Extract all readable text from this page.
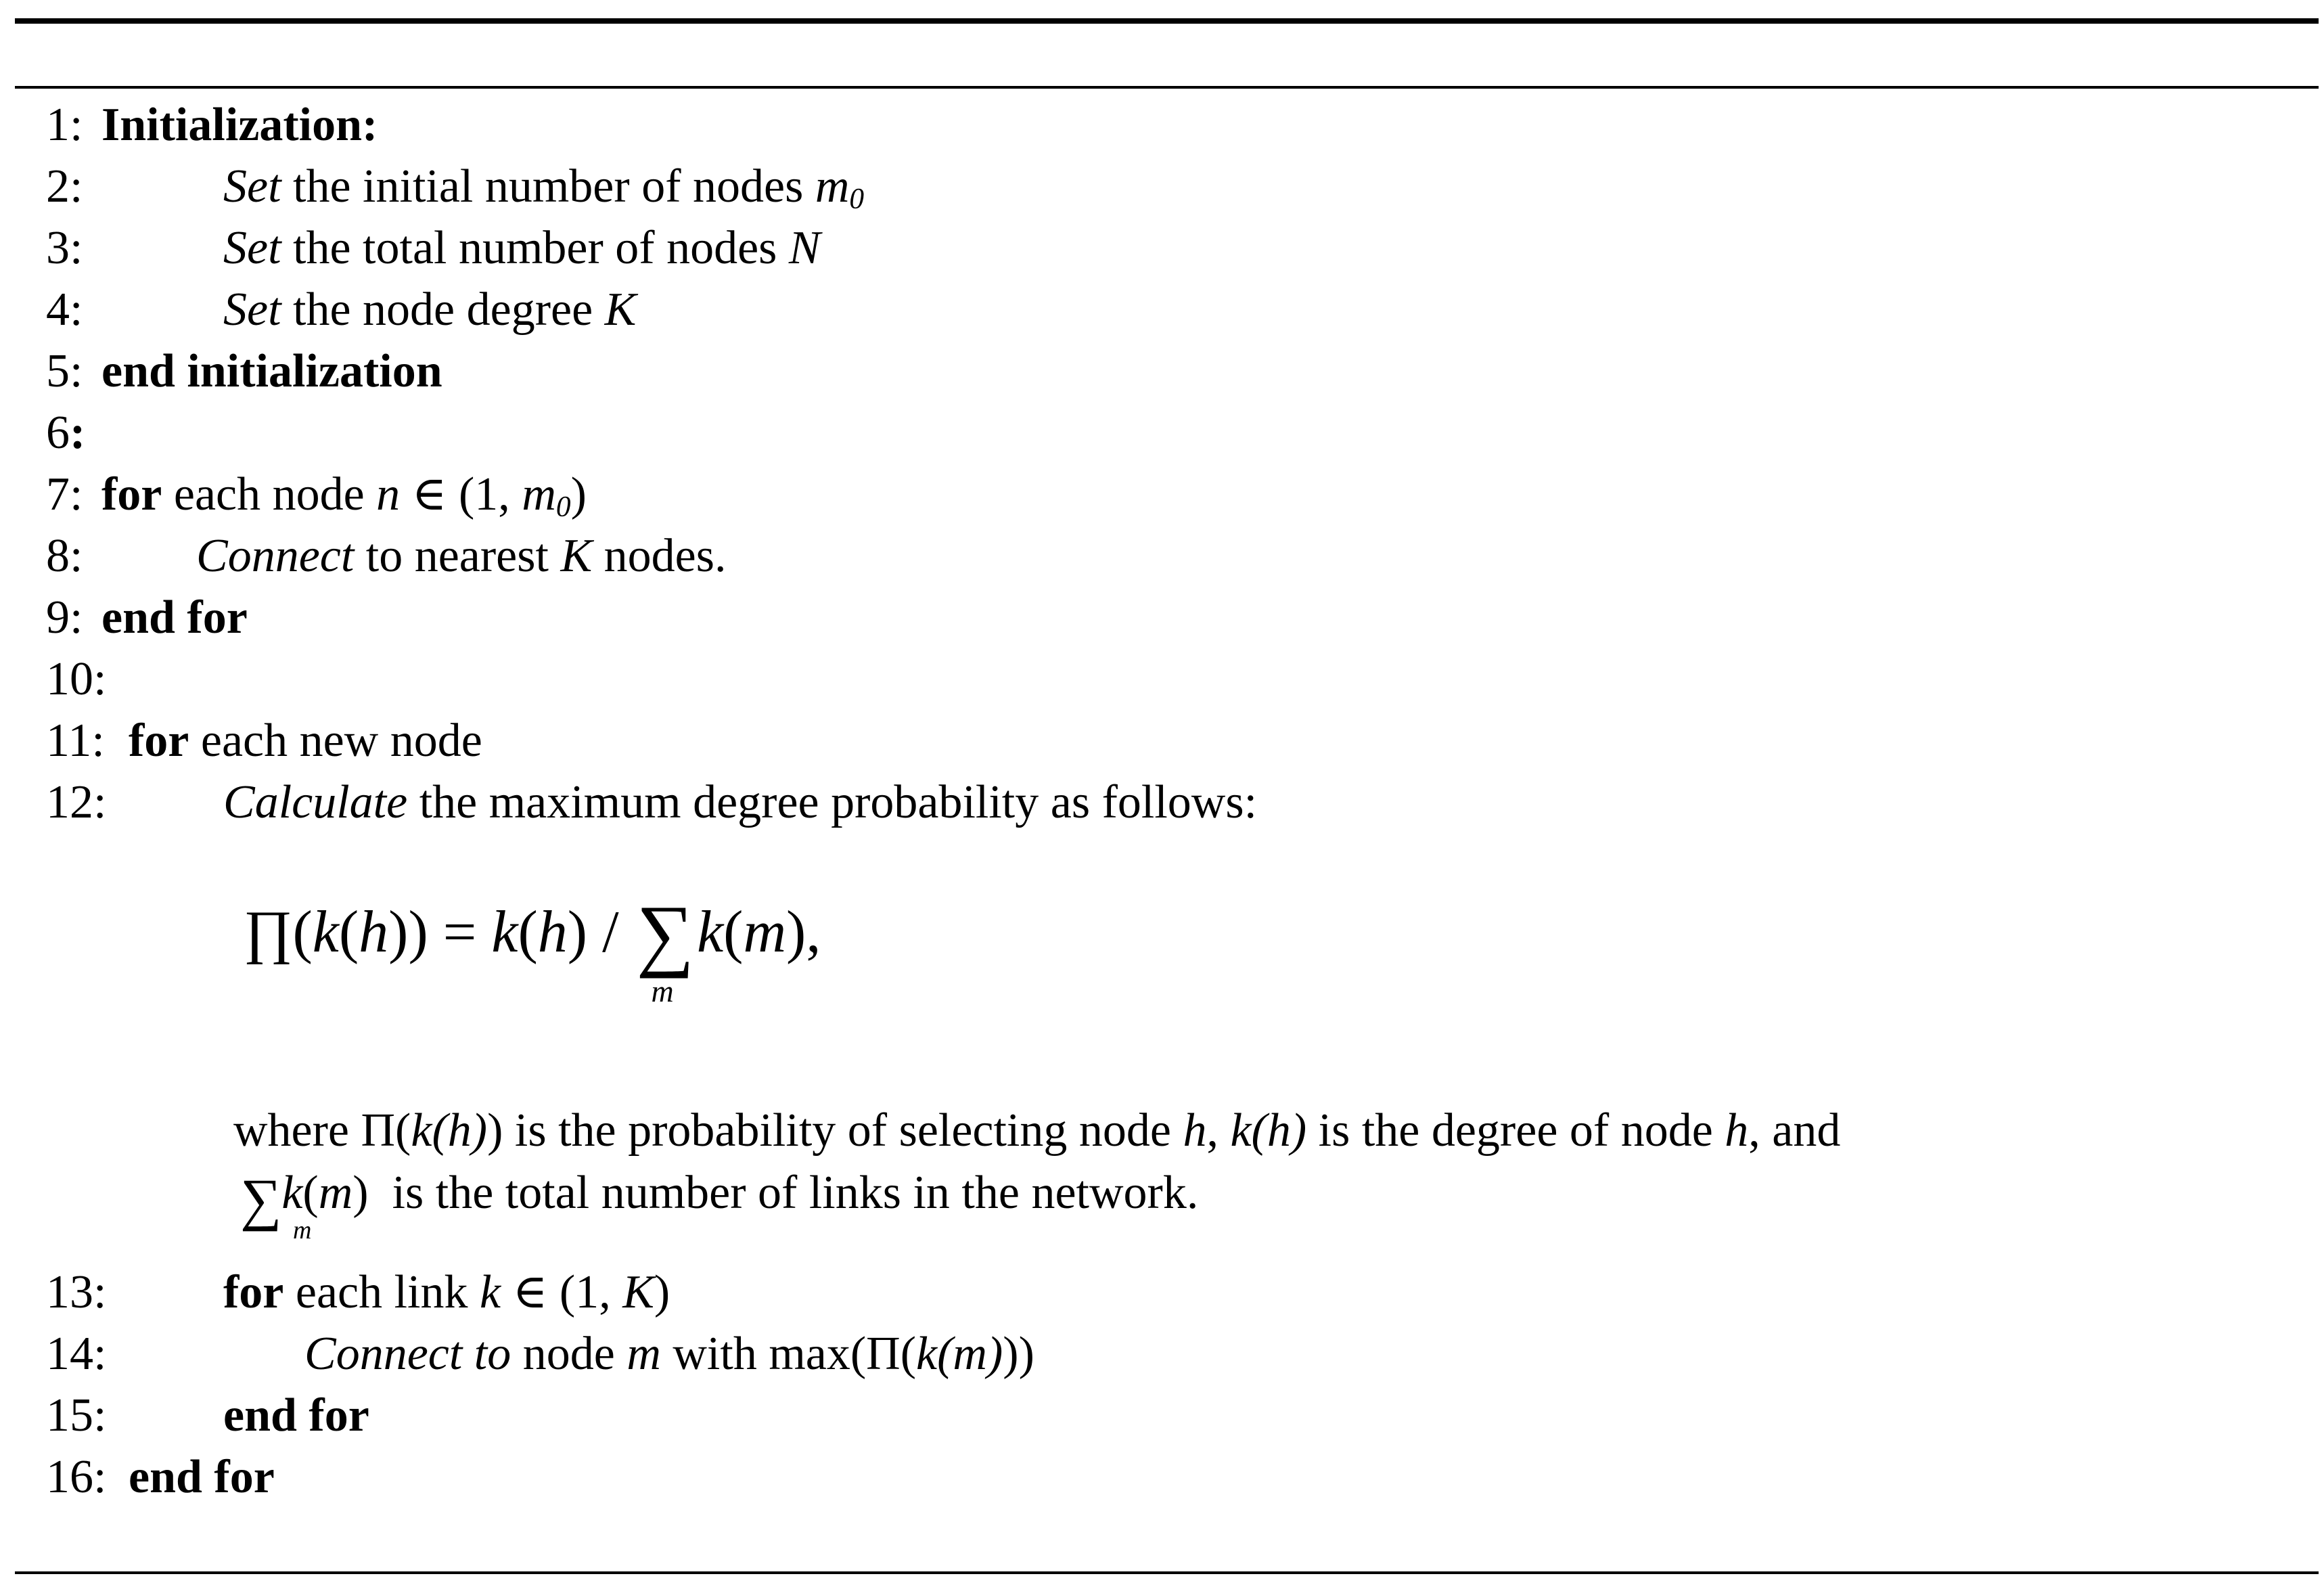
1: Initialization:
2:	Set the initial number of nodes $m_0$
3:	Set the total number of nodes N
4:	Set the node degree K
5: end initialization
6:
7: for each node n ∈ (1, $m_0$)
8: Connect to nearest K nodes.
9: end for
10:
11: for each new node
12: Calculate the maximum degree probability as follows:
∏(k(h)) = k(h) / ∑
m
k(m),
where Π(k(h)) is the probability of selecting node h, k(h) is the degree of node h, and
∑ m
k(m)  is the total number of links in the network.
13: for each link k ∈ (1, K)
14:	Connect to node m with max(Π(k(m)))
15: end for
16: end for
